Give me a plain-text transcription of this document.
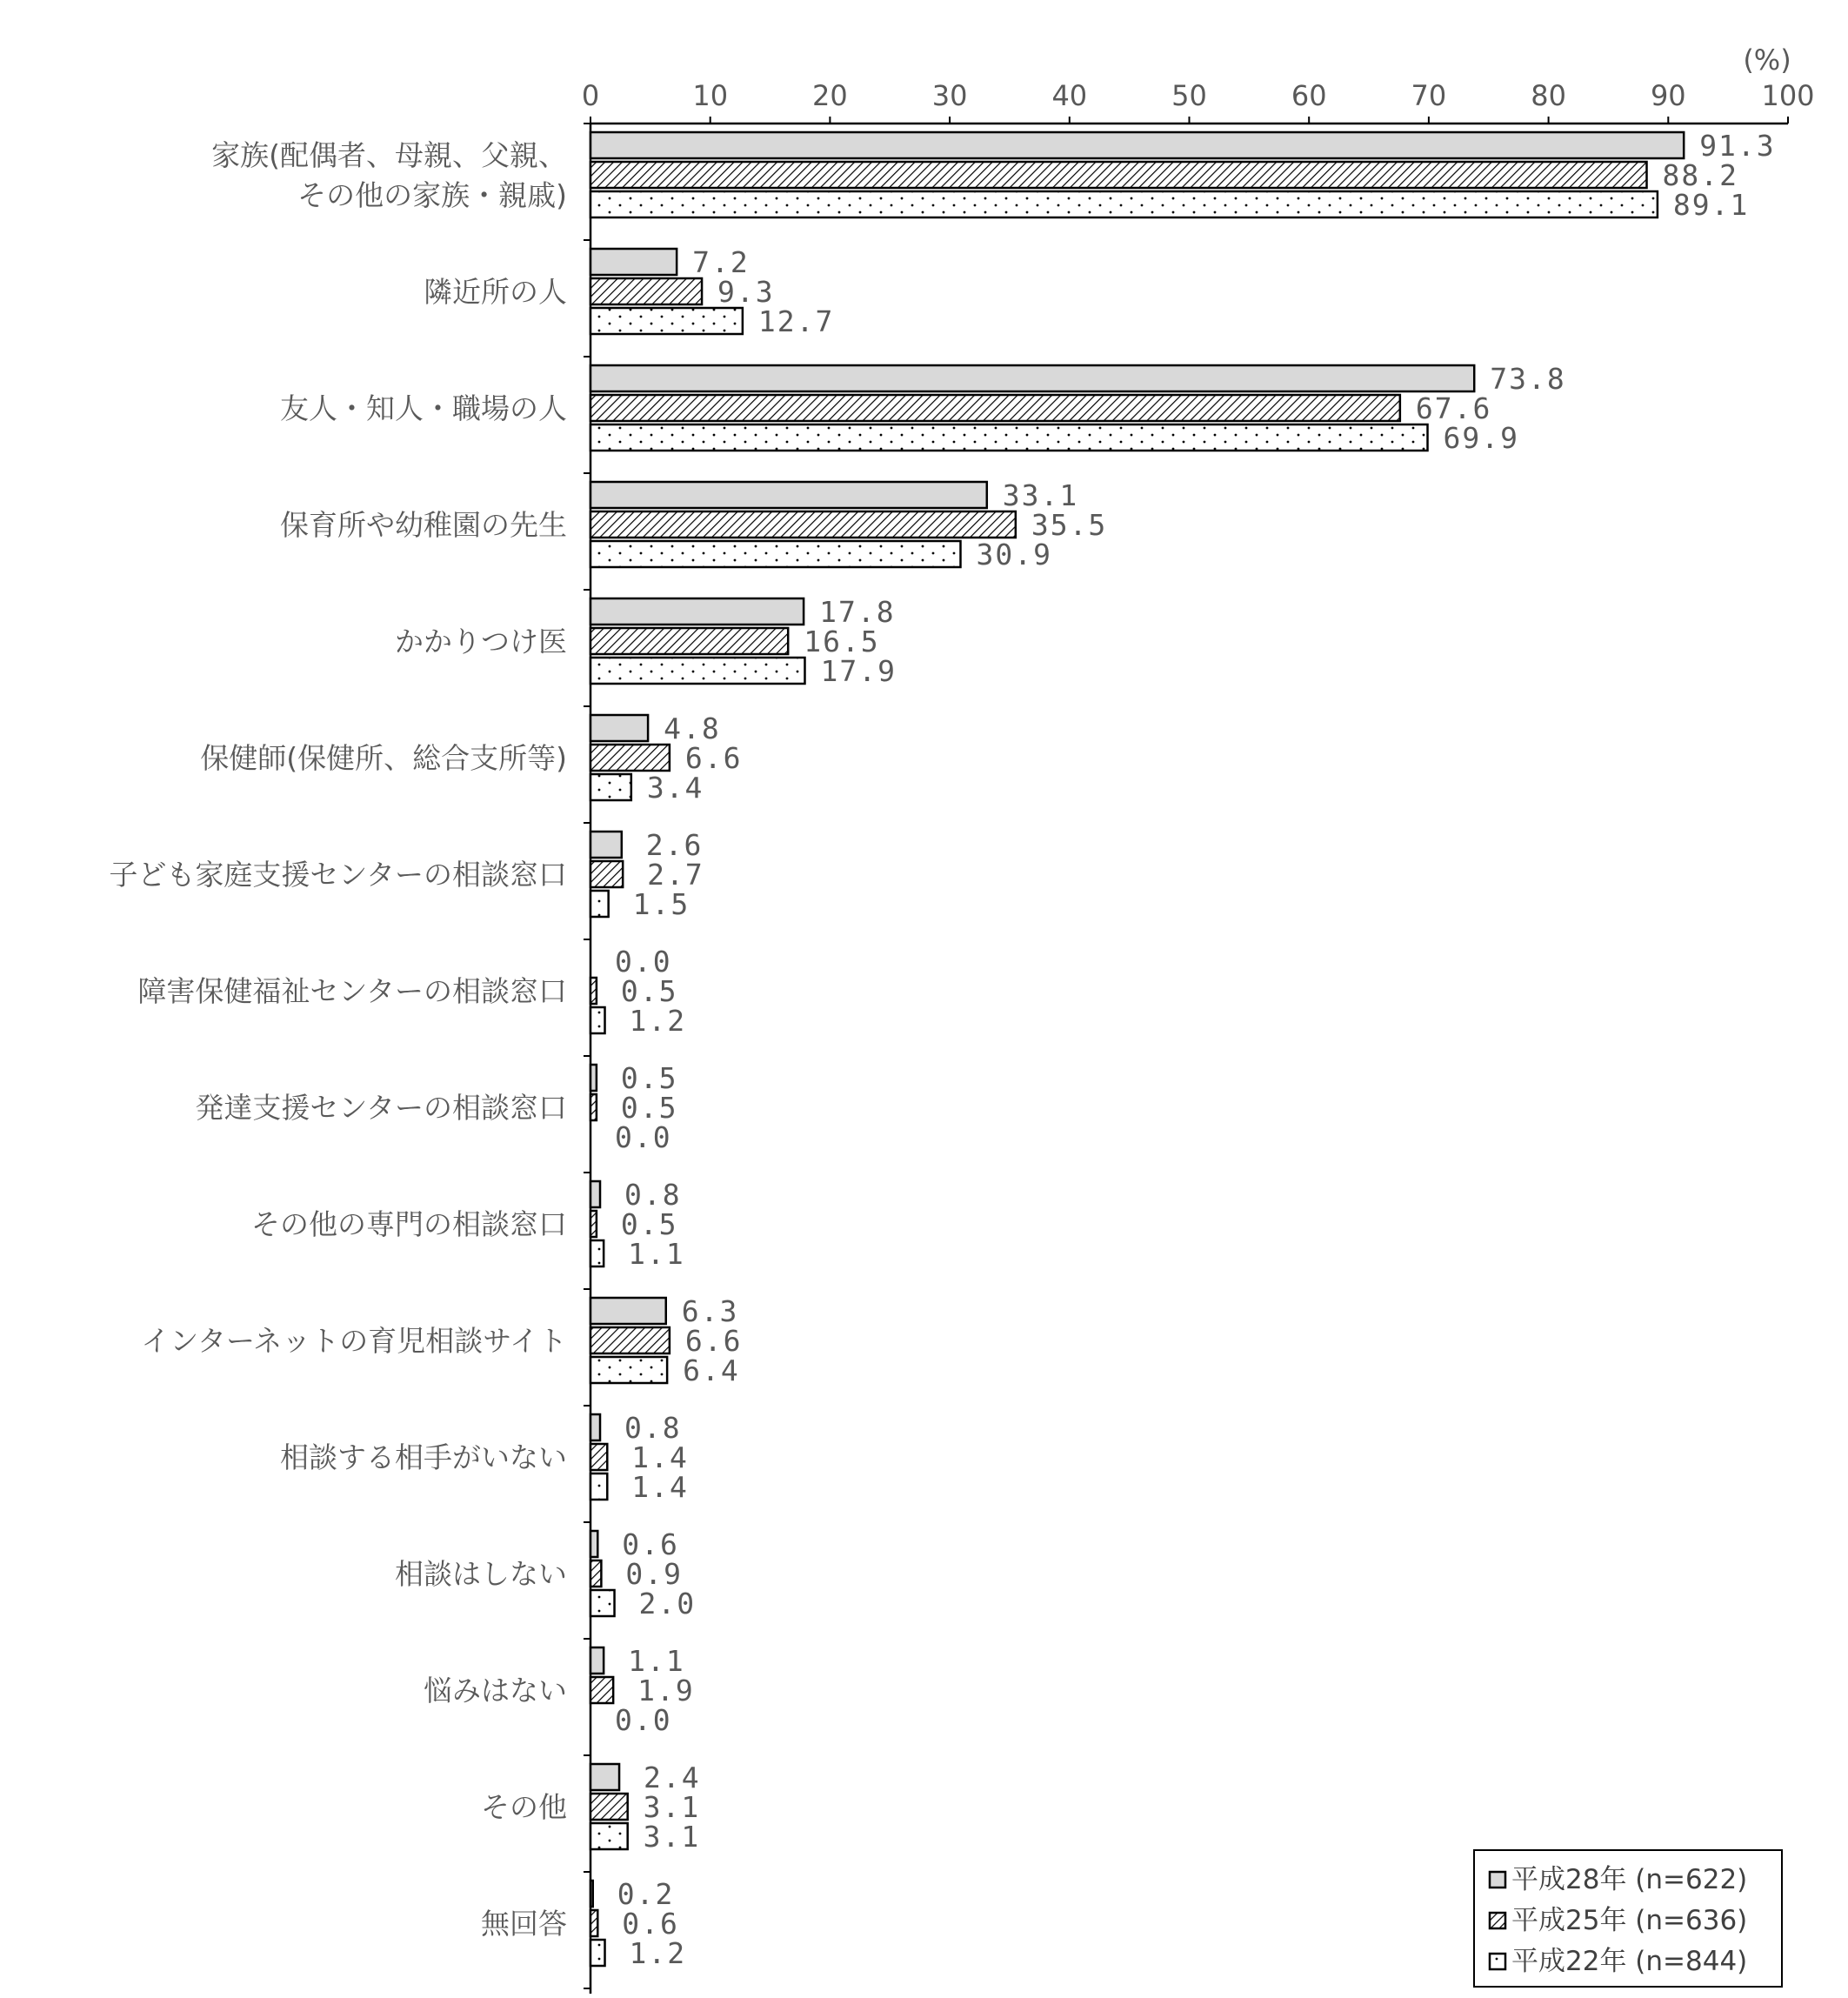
0	10	20	30	40	50	60	70	80	90	100
家族(配偶者、母親、父親、
その他の家族・親戚)
隣近所の人
友人・知人・職場の人
保育所や幼稚園の先生
かかりつけ医
保健師(保健所、総合支所等)
子ども家庭支援センターの相談窓口
障害保健福祉センターの相談窓口
発達支援センターの相談窓口
その他の専門の相談窓口
インターネットの育児相談サイト
相談する相手がいない
相談はしない
悩みはない
その他
無回答
91.3
88.2
89.1
7.2
9.3
12.7
73.8
67.6
69.9
33.1
35.5
30.9
17.8
16.5
17.9
4.8
6.6
3.4
2.6
2.7
1.5
0.0
0.5
1.2
0.5
0.5
0.0
0.8
0.5
1.1
6.3
6.6
6.4
0.8
1.4
1.4
0.6
0.9
2.0
1.1
1.9
0.0
2.4
3.1
3.1
0.2
0.6
1.2
(%)
平成28年 (n=622)
平成25年 (n=636)
平成22年 (n=844)
